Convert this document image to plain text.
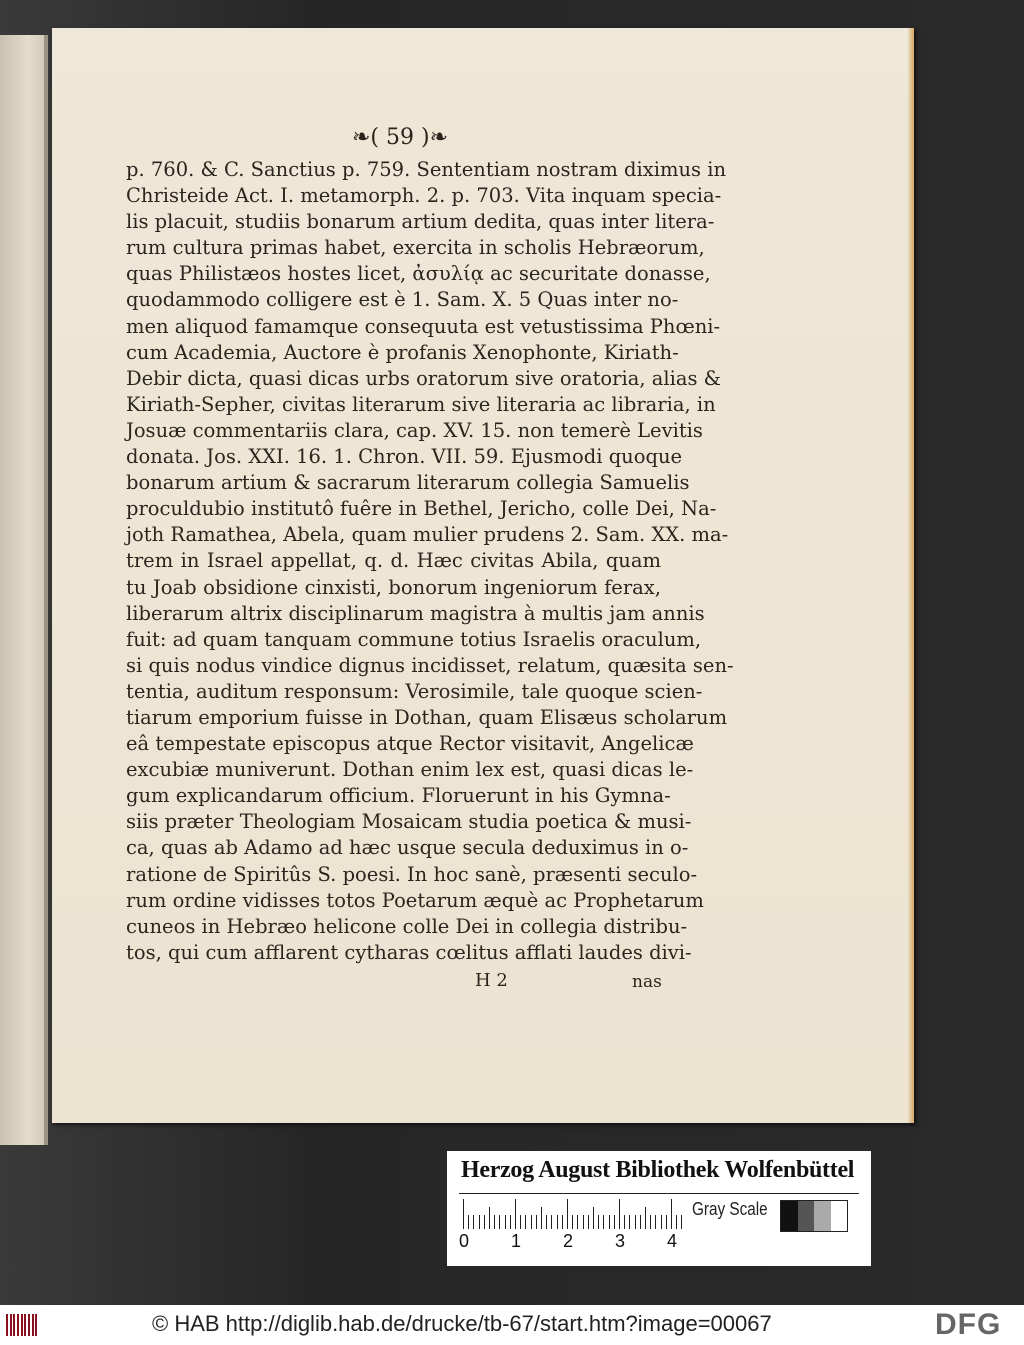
❧( 59 )❧
p. 760. & C. Sanctius p. 759. Sententiam nostram diximus in
Christeide Act. I. metamorph. 2. p. 703. Vita inquam specia-
lis placuit, studiis bonarum artium dedita, quas inter litera-
rum cultura primas habet, exercita in scholis Hebræorum,
quas Philistæos hostes licet, ἀσυλίᾳ ac securitate donasse,
quodammodo colligere est è 1. Sam. X. 5 Quas inter no-
men aliquod famamque consequuta est vetustissima Phœni-
cum Academia, Auctore è profanis Xenophonte, Kiriath-
Debir dicta, quasi dicas urbs oratorum sive oratoria, alias &
Kiriath-Sepher, civitas literarum sive literaria ac libraria, in
Josuæ commentariis clara, cap. XV. 15. non temerè Levitis
donata. Jos. XXI. 16. 1. Chron. VII. 59. Ejusmodi quoque
bonarum artium & sacrarum literarum collegia Samuelis
proculdubio institutô fuêre in Bethel, Jericho, colle Dei, Na-
joth Ramathea, Abela, quam mulier prudens 2. Sam. XX. ma-
trem in Israel appellat, q. d. Hæc civitas Abila, quam
tu Joab obsidione cinxisti, bonorum ingeniorum ferax,
liberarum altrix disciplinarum magistra à multis jam annis
fuit: ad quam tanquam commune totius Israelis oraculum,
si quis nodus vindice dignus incidisset, relatum, quæsita sen-
tentia, auditum responsum: Verosimile, tale quoque scien-
tiarum emporium fuisse in Dothan, quam Elisæus scholarum
eâ tempestate episcopus atque Rector visitavit, Angelicæ
excubiæ muniverunt. Dothan enim lex est, quasi dicas le-
gum explicandarum officium. Floruerunt in his Gymna-
siis præter Theologiam Mosaicam studia poetica & musi-
ca, quas ab Adamo ad hæc usque secula deduximus in o-
ratione de Spiritûs S. poesi. In hoc sanè, præsenti seculo-
rum ordine vidisses totos Poetarum æquè ac Prophetarum
cuneos in Hebræo helicone colle Dei in collegia distribu-
tos, qui cum afflarent cytharas cœlitus afflati laudes divi-
H 2	nas
Herzog August Bibliothek Wolfenbüttel
0 1 2 3 4
Gray Scale
© HAB http://diglib.hab.de/drucke/tb-67/start.htm?image=00067	DFG
